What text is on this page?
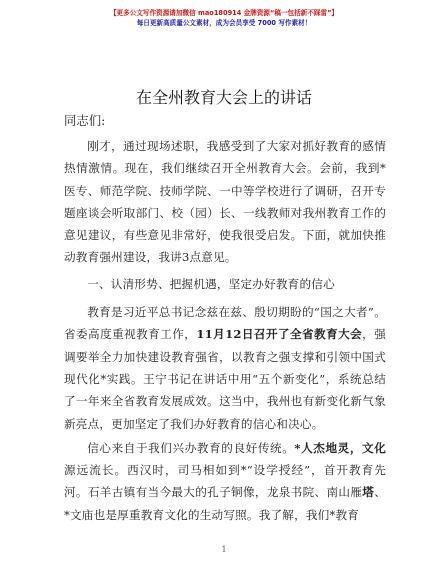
【更多公文写作资源请加微信 mao180914 金牌资源“稿一包括新不踩雷”】
每日更新高质量公文素材，成为会员享受 7000 写作素材！
在全州教育大会上的讲话
同志们:

刚才，通过现场述职，我感受到了大家对抓好教育的感情热情激情。现在，我们继续召开全州教育大会。会前，我到*医专、师范学院、技师学院、一中等学校进行了调研，召开专题座谈会听取部门、校（园）长、一线教师对我州教育工作的意见建议，有些意见非常好，使我很受启发。下面，就加快推动教育强州建设，我讲3点意见。

一、认清形势、把握机遇，坚定办好教育的信心

教育是习近平总书记念兹在兹、殷切期盼的“国之大者”。省委高度重视教育工作，11月12日召开了全省教育大会，强调要举全力加快建设教育强省，以教育之强支撑和引领中国式现代化*实践。王宁书记在讲话中用“五个新变化”，系统总结了一年来全省教育发展成效。这当中，我州也有新变化新气象新亮点，更加坚定了我们办好教育的信心和决心。

信心来自于我们兴办教育的良好传统。*人杰地灵，文化源远流长。西汉时，司马相如到*“设学授经”，首开教育先河。石羊古镇有当今最大的孔子铜像，龙泉书院、南山雁塔、*文庙也是厚重教育文化的生动写照。我了解，我们*教育

1
